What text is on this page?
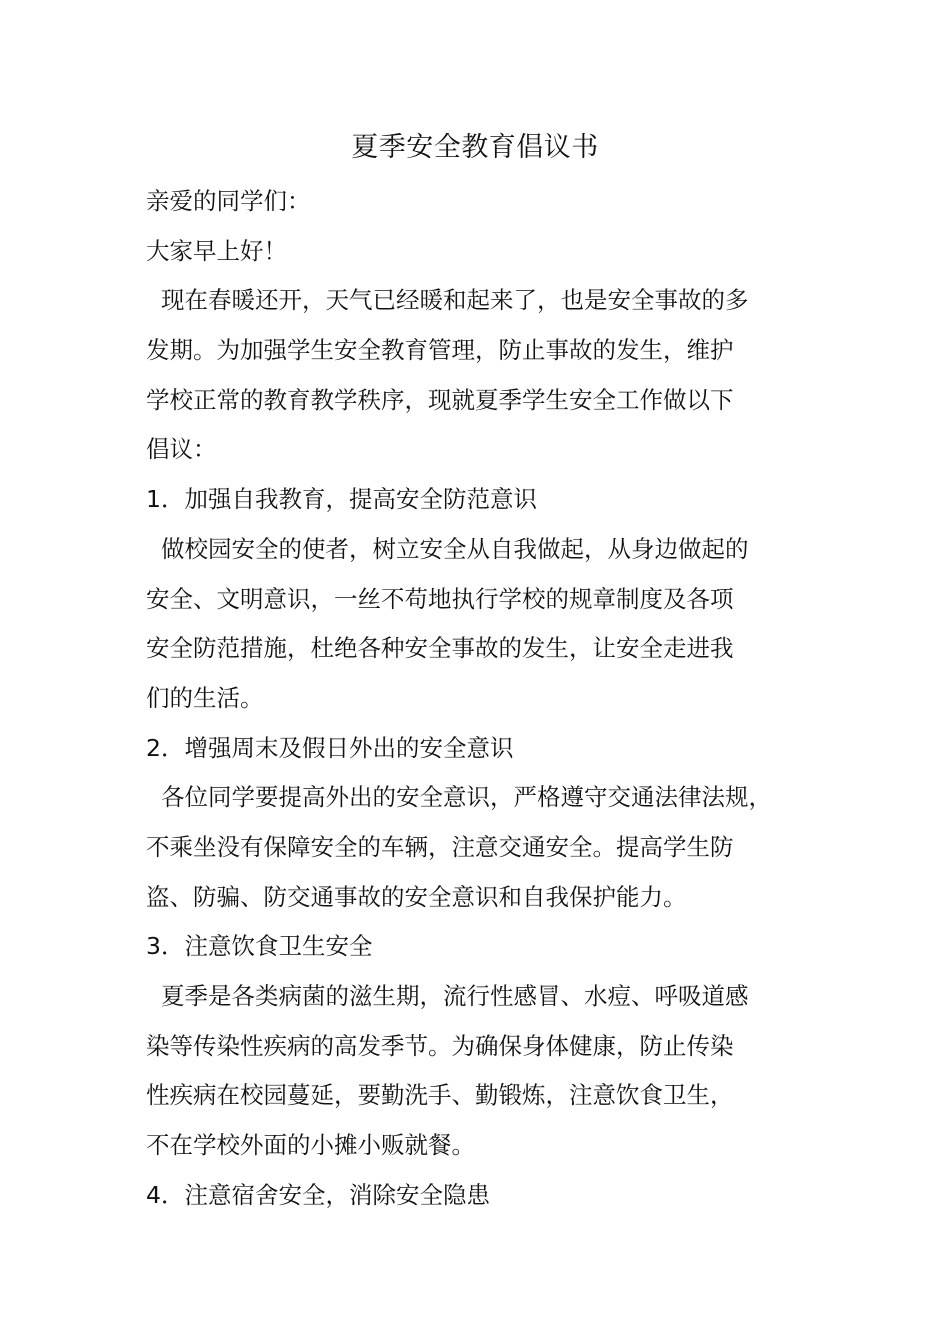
夏季安全教育倡议书
亲爱的同学们：
大家早上好！
现在春暖还开，天气已经暖和起来了，也是安全事故的多
发期。为加强学生安全教育管理，防止事故的发生，维护
学校正常的教育教学秩序，现就夏季学生安全工作做以下
倡议：
1．加强自我教育，提高安全防范意识
做校园安全的使者，树立安全从自我做起，从身边做起的
安全、文明意识，一丝不苟地执行学校的规章制度及各项
安全防范措施，杜绝各种安全事故的发生，让安全走进我
们的生活。
2．增强周末及假日外出的安全意识
各位同学要提高外出的安全意识，严格遵守交通法律法规，
不乘坐没有保障安全的车辆，注意交通安全。提高学生防
盗、防骗、防交通事故的安全意识和自我保护能力。
3．注意饮食卫生安全
夏季是各类病菌的滋生期，流行性感冒、水痘、呼吸道感
染等传染性疾病的高发季节。为确保身体健康，防止传染
性疾病在校园蔓延，要勤洗手、勤锻炼，注意饮食卫生，
不在学校外面的小摊小贩就餐。
4．注意宿舍安全，消除安全隐患
